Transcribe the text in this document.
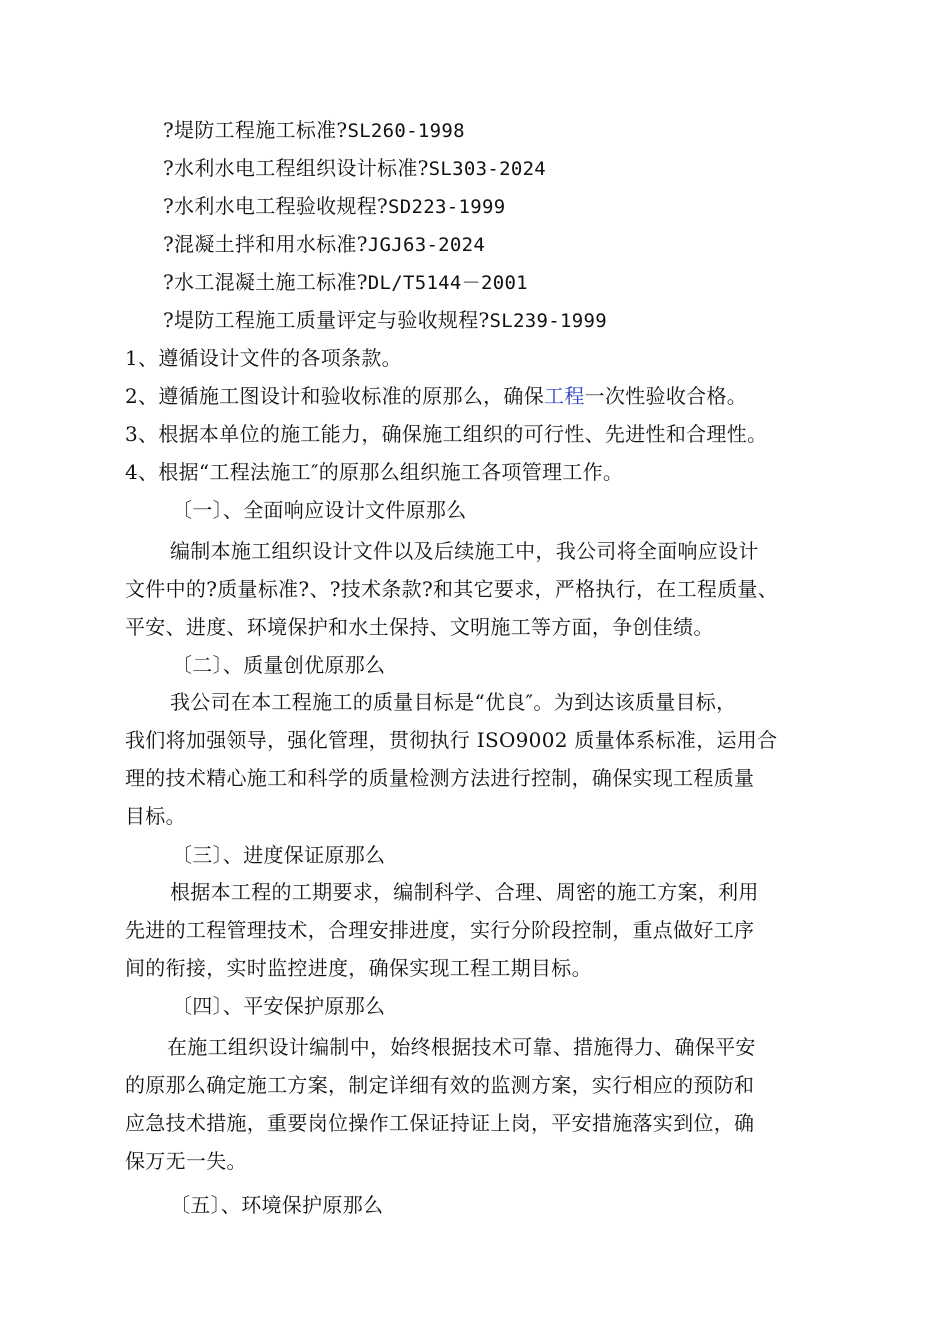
?堤防工程施工标准?SL260-1998
?水利水电工程组织设计标准?SL303-2024
?水利水电工程验收规程?SD223-1999
?混凝土拌和用水标准?JGJ63-2024
?水工混凝土施工标准?DL/T5144－2001
?堤防工程施工质量评定与验收规程?SL239-1999
1、遵循设计文件的各项条款。
2、遵循施工图设计和验收标准的原那么，确保工程一次性验收合格。
3、根据本单位的施工能力，确保施工组织的可行性、先进性和合理性。
4、根据“工程法施工″的原那么组织施工各项管理工作。
〔一〕、全面响应设计文件原那么
编制本施工组织设计文件以及后续施工中，我公司将全面响应设计
文件中的?质量标准?、?技术条款?和其它要求，严格执行，在工程质量、
平安、进度、环境保护和水土保持、文明施工等方面，争创佳绩。
〔二〕、质量创优原那么
我公司在本工程施工的质量目标是“优良″。为到达该质量目标，
我们将加强领导，强化管理，贯彻执行 ISO9002 质量体系标准，运用合
理的技术精心施工和科学的质量检测方法进行控制，确保实现工程质量
目标。
〔三〕、进度保证原那么
根据本工程的工期要求，编制科学、合理、周密的施工方案，利用
先进的工程管理技术，合理安排进度，实行分阶段控制，重点做好工序
间的衔接，实时监控进度，确保实现工程工期目标。
〔四〕、平安保护原那么
在施工组织设计编制中，始终根据技术可靠、措施得力、确保平安
的原那么确定施工方案，制定详细有效的监测方案，实行相应的预防和
应急技术措施，重要岗位操作工保证持证上岗，平安措施落实到位，确
保万无一失。
〔五〕、环境保护原那么
